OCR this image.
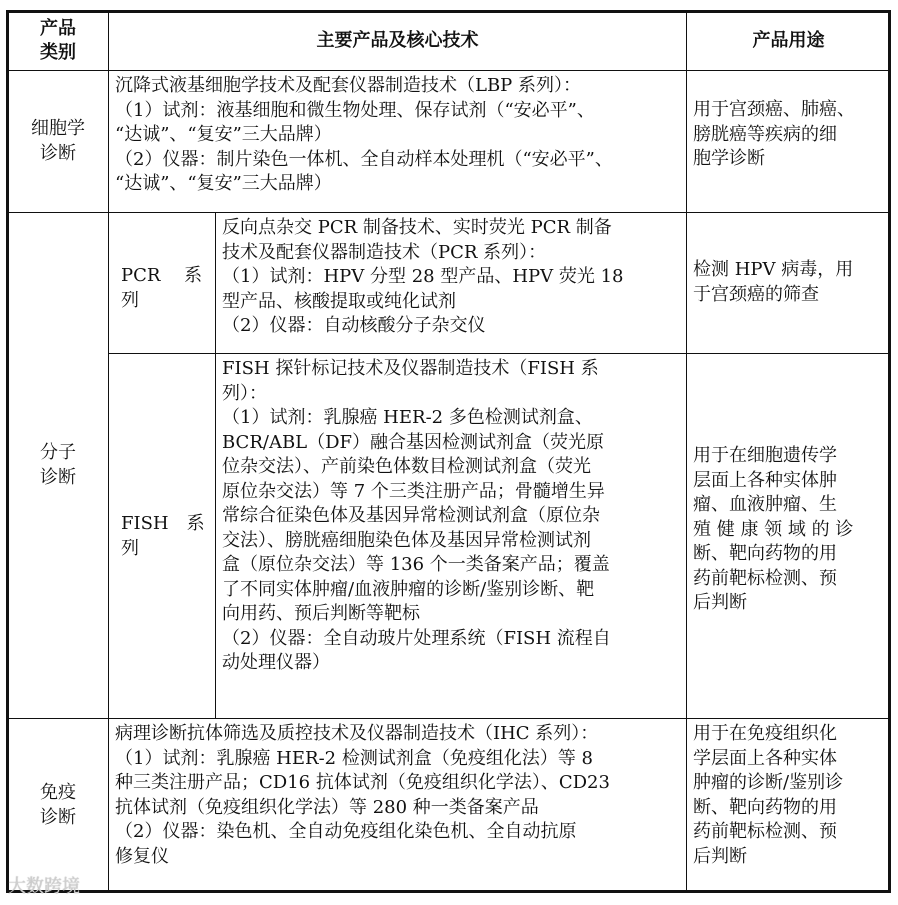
产品
类别
主要产品及核心技术	产品用途
细胞学
诊断
沉降式液基细胞学技术及配套仪器制造技术（LBP 系列）：
（1）试剂：液基细胞和微生物处理、保存试剂（“安必平”、
“达诚”、“复安”三大品牌）
（2）仪器：制片染色一体机、全自动样本处理机（“安必平”、
“达诚”、“复安”三大品牌）
用于宫颈癌、肺癌、
膀胱癌等疾病的细
胞学诊断
分子
诊断
PCR　 系
列
反向点杂交 PCR 制备技术、实时荧光 PCR 制备
技术及配套仪器制造技术（PCR 系列）：
（1）试剂：HPV 分型 28 型产品、HPV 荧光 18
型产品、核酸提取或纯化试剂
（2）仪器：自动核酸分子杂交仪
检测 HPV 病毒，用
于宫颈癌的筛查
FISH　系
列
FISH 探针标记技术及仪器制造技术（FISH 系
列）：
（1）试剂：乳腺癌 HER-2 多色检测试剂盒、
BCR/ABL（DF）融合基因检测试剂盒（荧光原
位杂交法）、产前染色体数目检测试剂盒（荧光
原位杂交法）等 7 个三类注册产品；骨髓增生异
常综合征染色体及基因异常检测试剂盒（原位杂
交法）、膀胱癌细胞染色体及基因异常检测试剂
盒（原位杂交法）等 136 个一类备案产品；覆盖
了不同实体肿瘤/血液肿瘤的诊断/鉴别诊断、靶
向用药、预后判断等靶标
（2）仪器：全自动玻片处理系统（FISH 流程自
动处理仪器）
用于在细胞遗传学
层面上各种实体肿
瘤、血液肿瘤、生
殖 健 康 领 域 的 诊
断、靶向药物的用
药前靶标检测、预
后判断
免疫
诊断
病理诊断抗体筛选及质控技术及仪器制造技术（IHC 系列）：
（1）试剂：乳腺癌 HER-2 检测试剂盒（免疫组化法）等 8
种三类注册产品；CD16 抗体试剂（免疫组织化学法）、CD23
抗体试剂（免疫组织化学法）等 280 种一类备案产品
（2）仪器：染色机、全自动免疫组化染色机、全自动抗原
修复仪
用于在免疫组织化
学层面上各种实体
肿瘤的诊断/鉴别诊
断、靶向药物的用
药前靶标检测、预
后判断
大数跨境
